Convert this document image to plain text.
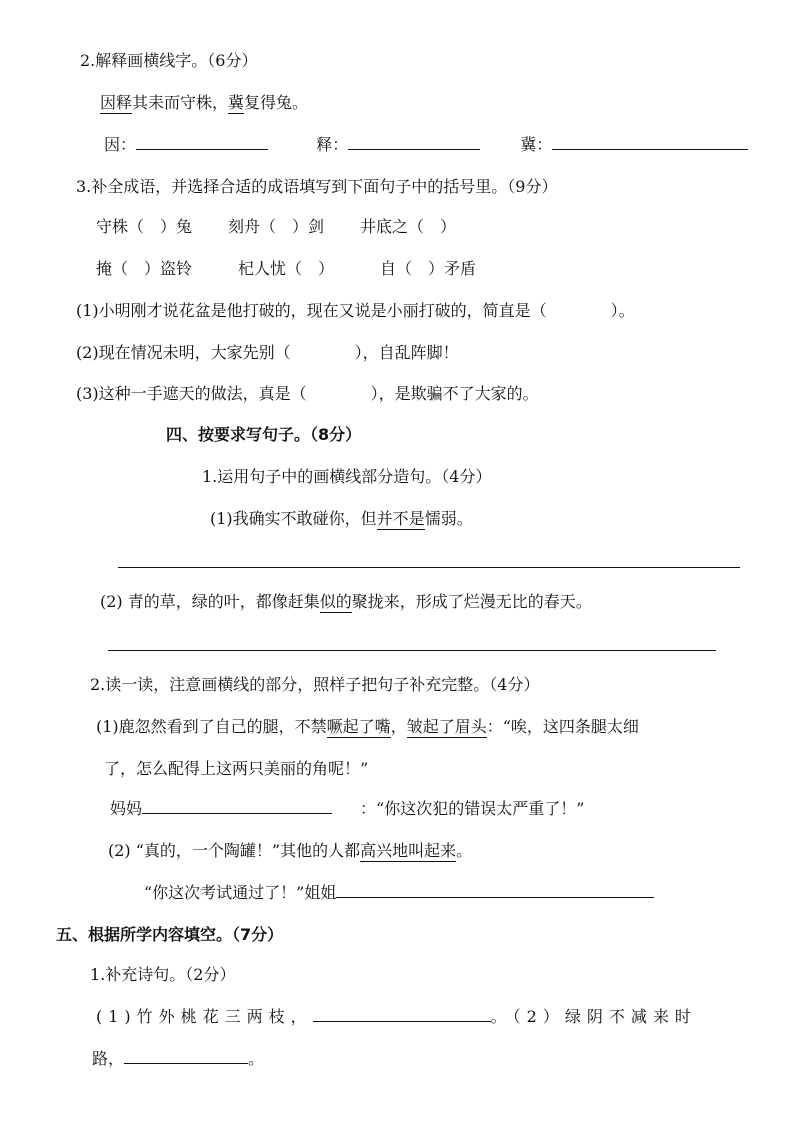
2.解释画横线字。（6分）
因释其耒而守株，冀复得兔。
因：	释：	冀：
3.补全成语，并选择合适的成语填写到下面句子中的括号里。（9分）
守株（　）兔 刻舟（　）剑 井底之（　）
掩（　）盗铃	杞人忧（　）	自（　）矛盾
(1)小明刚才说花盆是他打破的，现在又说是小丽打破的，简直是（　　　　）。
(2)现在情况未明，大家先别（　　　　），自乱阵脚！
(3)这种一手遮天的做法，真是（　　　　），是欺骗不了大家的。
四、按要求写句子。（8分）
1.运用句子中的画横线部分造句。（4分）
(1)我确实不敢碰你，但并不是懦弱。
(2) 青的草，绿的叶，都像赶集似的聚拢来，形成了烂漫无比的春天。
2.读一读，注意画横线的部分，照样子把句子补充完整。（4分）
(1)鹿忽然看到了自己的腿，不禁噘起了嘴，皱起了眉头：“唉，这四条腿太细
了，怎么配得上这两只美丽的角呢！”
妈妈	：“你这次犯的错误太严重了！”
(2) “真的，一个陶罐！”其他的人都高兴地叫起来。
“你这次考试通过了！”姐姐
五、根据所学内容填空。（7分）
1.补充诗句。（2分）
(1)竹外桃花三两枝，	。（2）绿阴不减来时
路，	。
